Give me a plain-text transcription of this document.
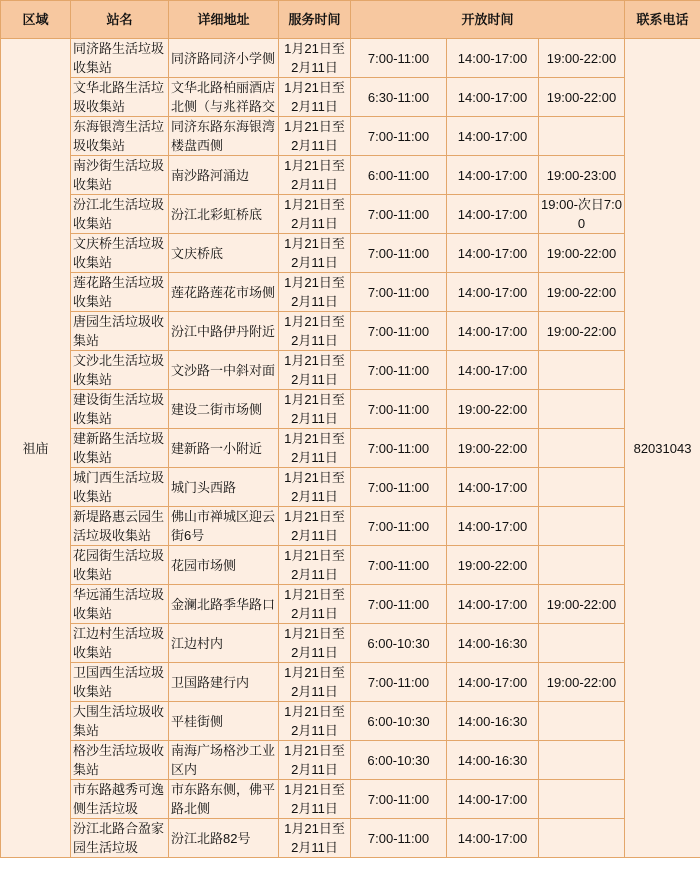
区域	站名	详细地址	服务时间	开放时间			联系电话
祖庙	同济路生活垃圾收集站	同济路同济小学侧	1月21日至2月11日	7:00-11:00	14:00-17:00	19:00-22:00	82031043

	文华北路生活垃圾收集站	文华北路柏丽酒店北侧（与兆祥路交	1月21日至2月11日	6:30-11:00	14:00-17:00	19:00-22:00	

	东海银湾生活垃圾收集站	同济东路东海银湾楼盘西侧	1月21日至2月11日	7:00-11:00	14:00-17:00		

	南沙街生活垃圾收集站	南沙路河涌边	1月21日至2月11日	6:00-11:00	14:00-17:00	19:00-23:00	

	汾江北生活垃圾收集站	汾江北彩虹桥底	1月21日至2月11日	7:00-11:00	14:00-17:00	19:00-次日7:00	

	文庆桥生活垃圾收集站	文庆桥底	1月21日至2月11日	7:00-11:00	14:00-17:00	19:00-22:00	

	莲花路生活垃圾收集站	莲花路莲花市场侧	1月21日至2月11日	7:00-11:00	14:00-17:00	19:00-22:00	

	唐园生活垃圾收集站	汾江中路伊丹附近	1月21日至2月11日	7:00-11:00	14:00-17:00	19:00-22:00	

	文沙北生活垃圾收集站	文沙路一中斜对面	1月21日至2月11日	7:00-11:00	14:00-17:00		

	建设街生活垃圾收集站	建设二街市场侧	1月21日至2月11日	7:00-11:00	19:00-22:00		

	建新路生活垃圾收集站	建新路一小附近	1月21日至2月11日	7:00-11:00	19:00-22:00		

	城门西生活垃圾收集站	城门头西路	1月21日至2月11日	7:00-11:00	14:00-17:00		

	新堤路惠云园生活垃圾收集站	佛山市禅城区迎云街6号	1月21日至2月11日	7:00-11:00	14:00-17:00		

	花园街生活垃圾收集站	花园市场侧	1月21日至2月11日	7:00-11:00	19:00-22:00		

	华远涌生活垃圾收集站	金澜北路季华路口	1月21日至2月11日	7:00-11:00	14:00-17:00	19:00-22:00	

	江边村生活垃圾收集站	江边村内	1月21日至2月11日	6:00-10:30	14:00-16:30		

	卫国西生活垃圾收集站	卫国路建行内	1月21日至2月11日	7:00-11:00	14:00-17:00	19:00-22:00	

	大围生活垃圾收集站	平桂街侧	1月21日至2月11日	6:00-10:30	14:00-16:30		

	格沙生活垃圾收集站	南海广场格沙工业区内	1月21日至2月11日	6:00-10:30	14:00-16:30		

	市东路越秀可逸侧生活垃圾	市东路东侧，佛平路北侧	1月21日至2月11日	7:00-11:00	14:00-17:00		

	汾江北路合盈家园生活垃圾	汾江北路82号	1月21日至2月11日	7:00-11:00	14:00-17:00		
